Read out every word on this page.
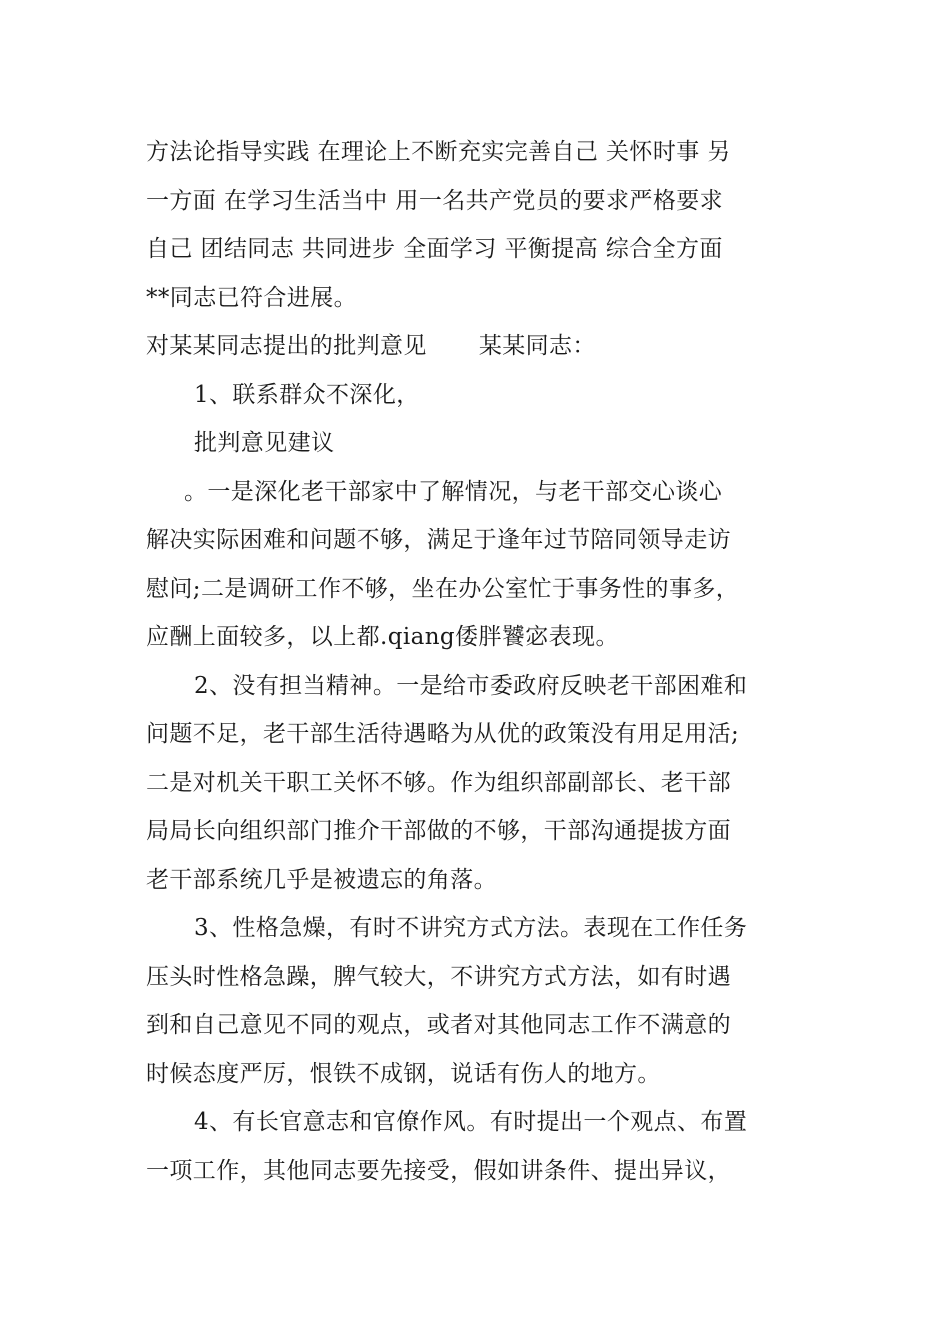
方法论指导实践 在理论上不断充实完善自己 关怀时事 另
一方面 在学习生活当中 用一名共产党员的要求严格要求
自己 团结同志 共同进步 全面学习 平衡提高 综合全方面
**同志已符合进展。
对某某同志提出的批判意见 某某同志：
1、联系群众不深化，
批判意见建议
。一是深化老干部家中了解情况，与老干部交心谈心
解决实际困难和问题不够，满足于逢年过节陪同领导走访
慰问;二是调研工作不够，坐在办公室忙于事务性的事多，
应酬上面较多，以上都.qiang倭胖饕宓表现。
2、没有担当精神。一是给市委政府反映老干部困难和
问题不足，老干部生活待遇略为从优的政策没有用足用活;
二是对机关干职工关怀不够。作为组织部副部长、老干部
局局长向组织部门推介干部做的不够，干部沟通提拔方面
老干部系统几乎是被遗忘的角落。
3、性格急燥，有时不讲究方式方法。表现在工作任务
压头时性格急躁，脾气较大，不讲究方式方法，如有时遇
到和自己意见不同的观点，或者对其他同志工作不满意的
时候态度严厉，恨铁不成钢，说话有伤人的地方。
4、有长官意志和官僚作风。有时提出一个观点、布置
一项工作，其他同志要先接受，假如讲条件、提出异议，
